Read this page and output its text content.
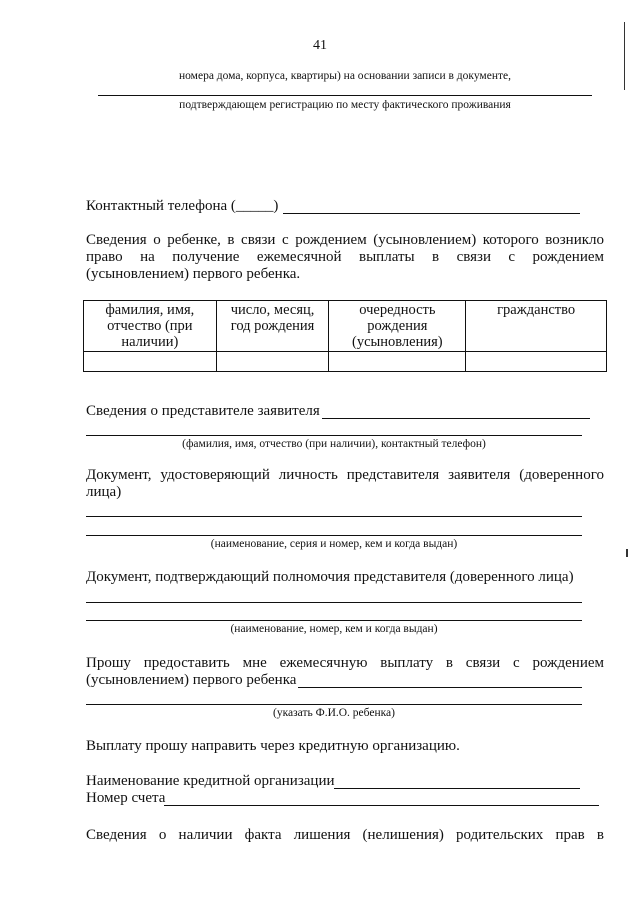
41
номера дома, корпуса, квартиры) на основании записи в документе,
подтверждающем регистрацию по месту фактического проживания
Контактный телефона (_____)
Сведения о ребенке, в связи с рождением (усыновлением) которого возникло
право на получение ежемесячной выплаты в связи с рождением
(усыновлением) первого ребенка.
фамилия, имя, отчество (при наличии)	число, месяц, год рождения	очередность рождения (усыновления)	гражданство

Сведения о представителе заявителя
(фамилия, имя, отчество (при наличии), контактный телефон)
Документ, удостоверяющий личность представителя заявителя (доверенного
лица)
(наименование, серия и номер, кем и когда выдан)
Документ, подтверждающий полномочия представителя (доверенного лица)
(наименование, номер, кем и когда выдан)
Прошу предоставить мне ежемесячную выплату в связи с рождением
(усыновлением) первого ребенка
(указать Ф.И.О. ребенка)
Выплату прошу направить через кредитную организацию.
Наименование кредитной организации
Номер счета
Сведения о наличии факта лишения (нелишения) родительских прав в
